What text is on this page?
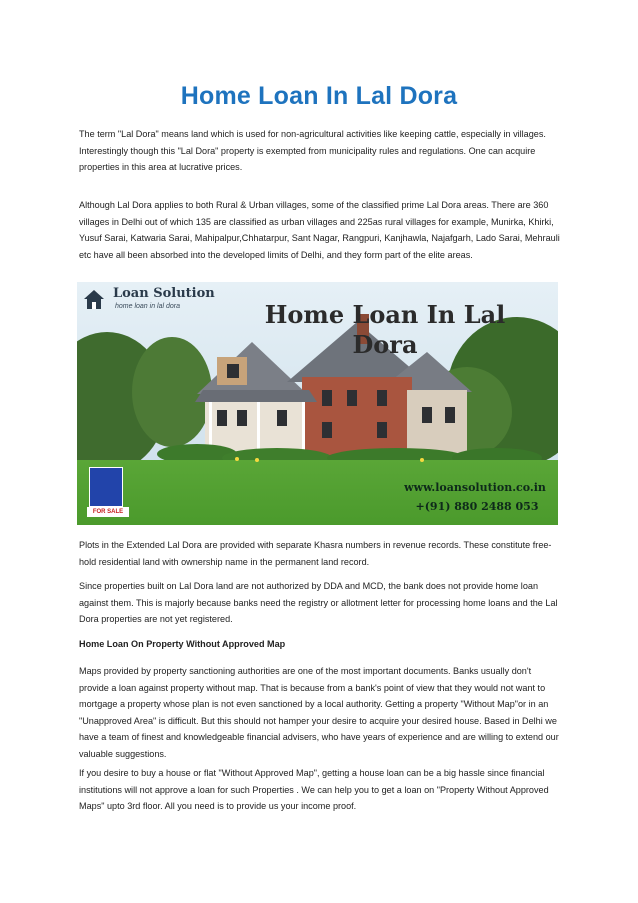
Home Loan In Lal Dora

The term "Lal Dora" means land which is used for non-agricultural activities like keeping cattle, especially in villages. Interestingly though this "Lal Dora" property is exempted from municipality rules and regulations. One can acquire properties in this area at lucrative prices.

Although Lal Dora applies to both Rural & Urban villages, some of the classified prime Lal Dora areas. There are 360 villages in Delhi out of which 135 are classified as urban villages and 225as rural villages for example, Munirka, Khirki, Yusuf Sarai, Katwaria Sarai, Mahipalpur,Chhatarpur, Sant Nagar, Rangpuri, Kanjhawla, Najafgarh, Lado Sarai, Mehrauli etc have all been absorbed into the developed limits of Delhi, and they form part of the elite areas.

Loan Solution
home loan in lal dora	Home Loan In Lal
Dora
FOR SALE
www.loansolution.co.in
+(91) 880 2488 053

Plots in the Extended Lal Dora are provided with separate Khasra numbers in revenue records. These constitute free-hold residential land with ownership name in the permanent land record.

Since properties built on Lal Dora land are not authorized by DDA and MCD, the bank does not provide home loan against them. This is majorly because banks need the registry or allotment letter for processing home loans and the Lal Dora properties are not yet registered.

Home Loan On Property Without Approved Map

Maps provided by property sanctioning authorities are one of the most important documents. Banks usually don't provide a loan against property without map. That is because from a bank's point of view that they would not want to mortgage a property whose plan is not even sanctioned by a local authority. Getting a property "Without Map"or in an "Unapproved Area" is difficult. But this should not hamper your desire to acquire your desired house. Based in Delhi we have a team of finest and knowledgeable financial advisers, who have years of experience and are willing to extend our valuable suggestions.

If you desire to buy a house or flat "Without Approved Map", getting a house loan can be a big hassle since financial institutions will not approve a loan for such Properties . We can help you to get a loan on "Property Without Approved Maps" upto 3rd floor. All you need is to provide us your income proof.
